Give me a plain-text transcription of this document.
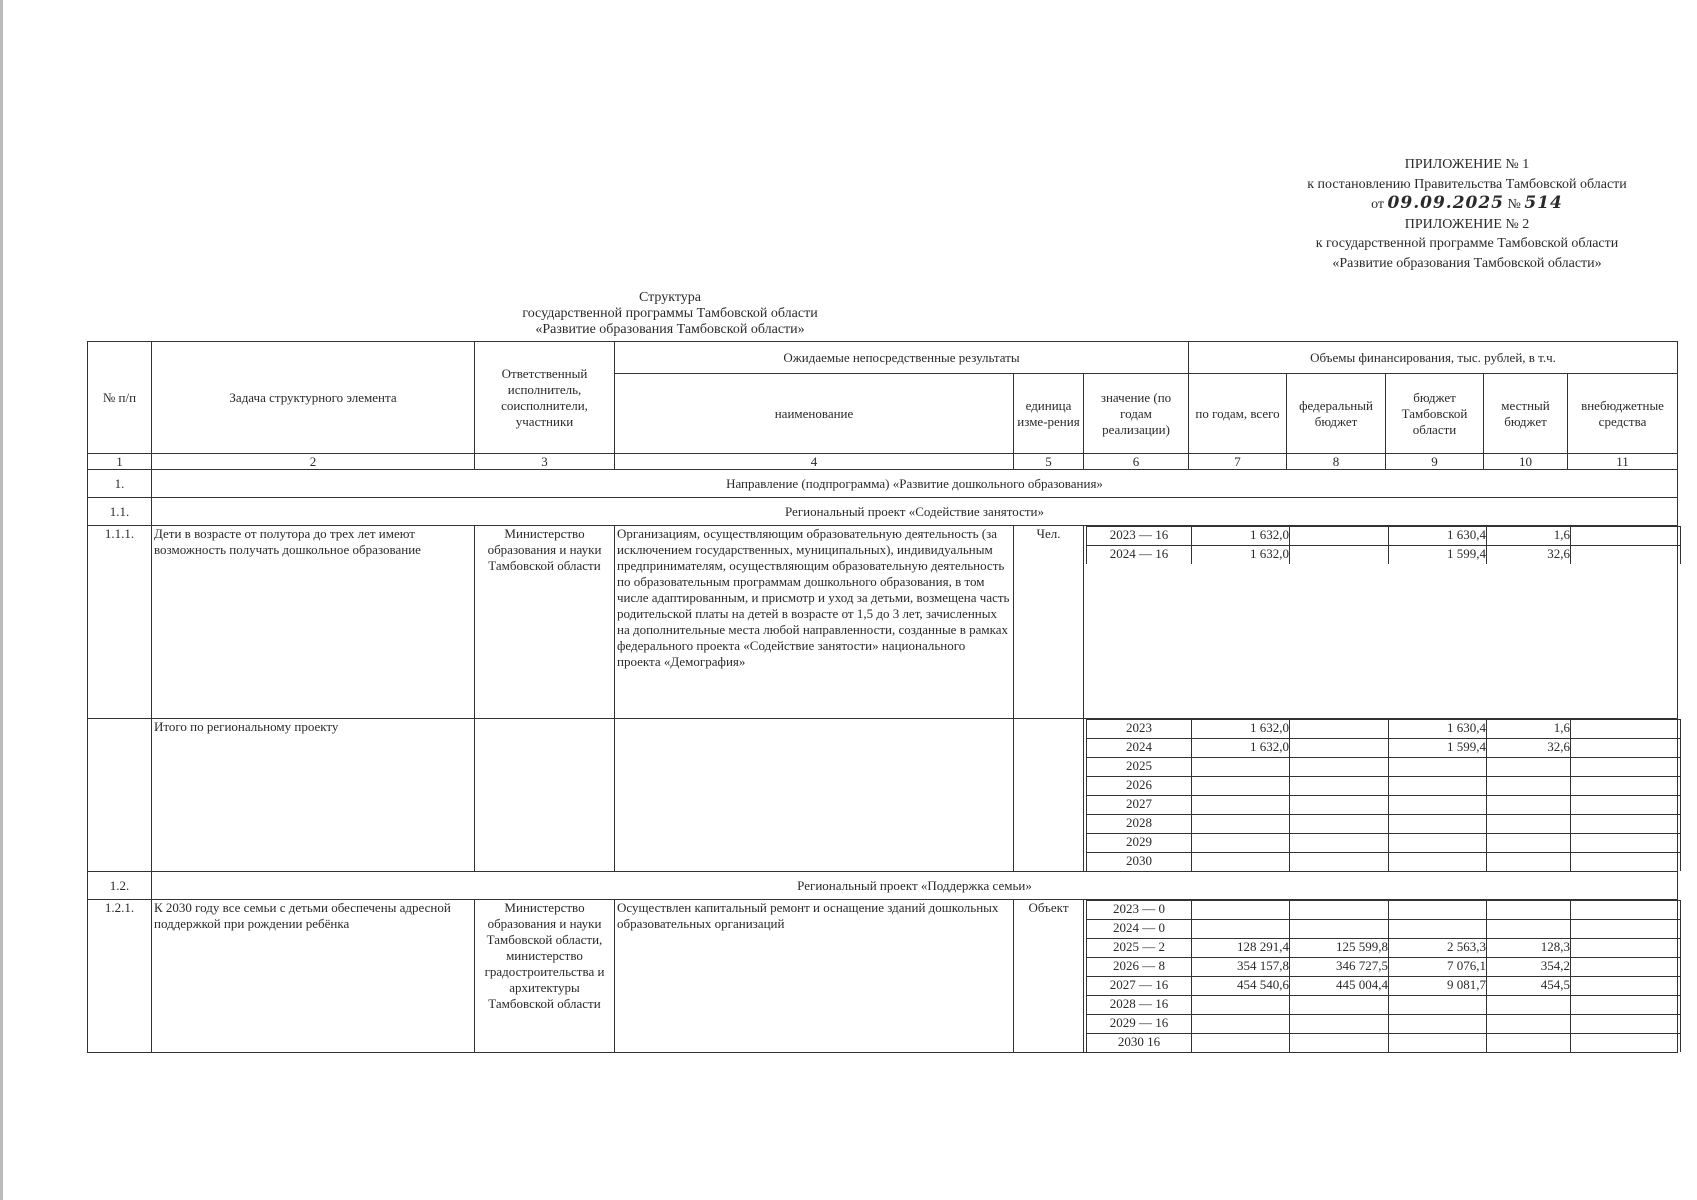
ПРИЛОЖЕНИЕ № 1
к постановлению Правительства Тамбовской области
от 09.09.2025 № 514
ПРИЛОЖЕНИЕ № 2
к государственной программе Тамбовской области
«Развитие образования Тамбовской области»
Структура
государственной программы Тамбовской области
«Развитие образования Тамбовской области»
№ п/п	Задача структурного элемента	Ответственный исполнитель, соисполнители, участники	Ожидаемые непосредственные результаты	Объемы финансирования, тыс. рублей, в т.ч.
наименование	единица изме-рения	значение (по годам реализации)	по годам, всего	федеральный бюджет	бюджет Тамбовской области	местный бюджет	внебюджетные средства
1	2	3	4	5	6	7	8	9	10	11
1.	Направление (подпрограмма) «Развитие дошкольного образования»
1.1.	Региональный проект «Содействие занятости»
1.1.1.	Дети в возрасте от полутора до трех лет имеют возможность получать дошкольное образование	Министерство образования и науки Тамбовской области	Организациям, осуществляющим образовательную деятельность (за исключением государственных, муниципальных), индивидуальным предпринимателям, осуществляющим образовательную деятельность по образовательным программам дошкольного образования, в том числе адаптированным, и присмотр и уход за детьми, возмещена часть родительской платы на детей в возрасте от 1,5 до 3 лет, зачисленных на дополнительные места любой направленности, созданные в рамках федерального проекта «Содействие занятости» национального проекта «Демография»	Чел.		2023 — 16	1 632,0		1 630,4	1,6	
2024 — 16	1 632,0		1 599,4	32,6	

	Итого по региональному проекту					2023	1 632,0		1 630,4	1,6	
2024	1 632,0		1 599,4	32,6	
2025					
2026					
2027					
2028					
2029					
2030					

1.2.	Региональный проект «Поддержка семьи»
1.2.1.	К 2030 году все семьи с детьми обеспечены адресной поддержкой при рождении ребёнка	Министерство образования и науки Тамбовской области, министерство градостроительства и архитектуры Тамбовской области	Осуществлен капитальный ремонт и оснащение зданий дошкольных образовательных организаций	Объект		2023 — 0					
2024 — 0					
2025 — 2	128 291,4	125 599,8	2 563,3	128,3	
2026 — 8	354 157,8	346 727,5	7 076,1	354,2	
2027 — 16	454 540,6	445 004,4	9 081,7	454,5	
2028 — 16					
2029 — 16					
2030 16					
